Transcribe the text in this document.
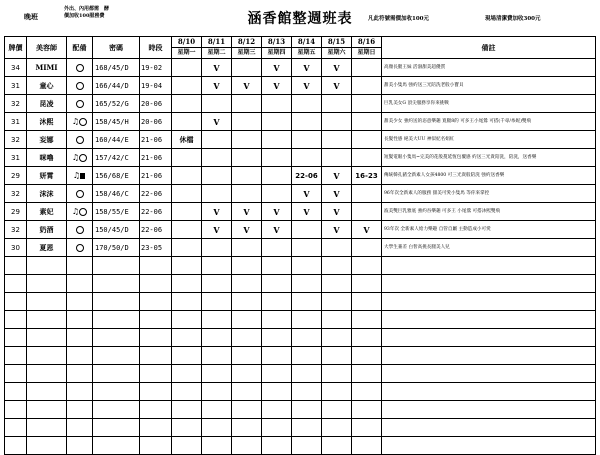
晚班
外出、內用都需　酵
價加收100服務費	涵香館整週班表	凡此符號需價加收100元	現場清潔費加收300元
牌價	美容師	配備	密碼	時段	8/10	8/11	8/12	8/13	8/14	8/15	8/16	備註
					星期一	星期二	星期三	星期四	星期五	星期六	星期日	
34	MIMI		168/45/D	19-02		V		V	V	V		高顏長腿王妹 活潑甜美超優質
31	童心		166/44/D	19-04		V	V	V	V	V		甜美小隻馬 強約送三光陪洗老般小寶貝
32	昆凌		165/52/G	20-06								巨乳美女G 頂尖服務享你來挑戰
31	沐熙	♫	158/45/H	20-06		V						甜美少女 強約送的恣意樂趣 寬腿8的 可多王小尾鶯 可搭(千尋/糸妮)雙飛
32	妄娜		160/44/E	21-06	休檔							長髮性感 絕美大UU 神似紀名娟紅
31	咪嚕	♫	157/42/C	21-06								短髮電眼小隻馬~完美的花般蔓延恆包覆感 約送三光貴陪洗，陪洗，送香樂
29	妍霄	♫	156/68/E	21-06					22-06	V	16-23	傳統韓孔豬全新素人女孩4800 可三光貴般陪洗 強約送香樂
32	沫沫		158/46/C	22-06					V	V		96年次全新素人的服務 甜美可愛小隻馬 等你來掌控
29	素妃	♫	158/55/E	22-06		V	V	V	V	V		波美雙巨乳雅底 強約吞樂趣 可多王 小尾鶯 可搭沐熙雙飛
32	奶酒		150/45/D	22-06		V	V	V		V	V	93年次 全新素人給力樂趣 自管自屬 主動造成小可愛
30	夏恩		170/50/D	23-05								大學生兼差 白皙高挑長腿美人兒
